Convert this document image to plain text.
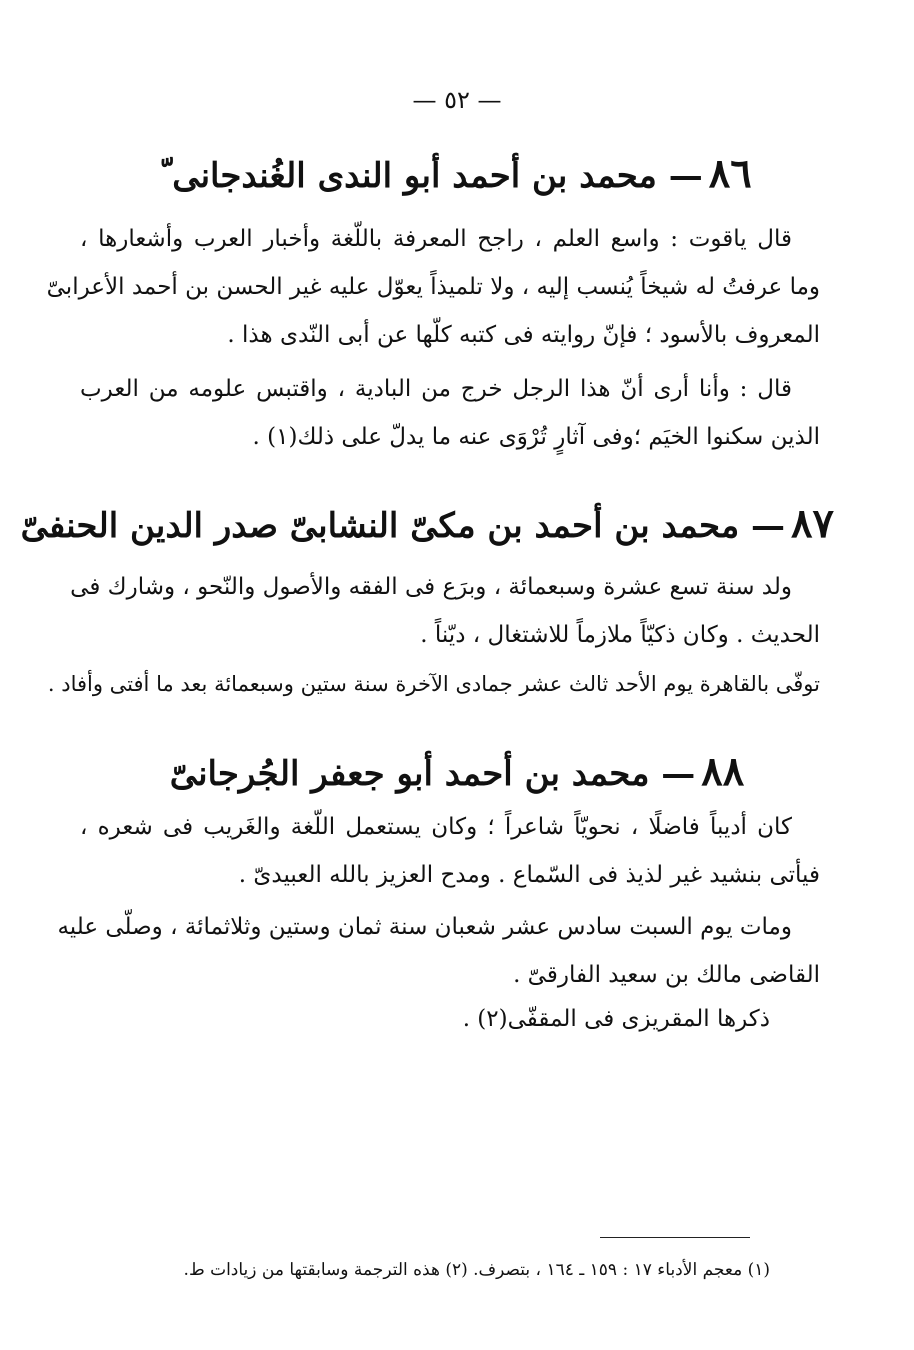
— ٥٢ —
٨٦— محمد بن أحمد أبو الندى الغُندجانى ّ
قال ياقوت : واسع العلم ، راجح المعرفة باللّغة وأخبار العرب وأشعارها ،
وما عرفتُ له شيخاً يُنسب إليه ، ولا تلميذاً يعوّل عليه غير الحسن بن أحمد الأعرابىّ
المعروف بالأسود ؛ فإنّ روايته فى كتبه كلّها عن أبى النّدى هذا .
قال : وأنا أرى أنّ هذا الرجل خرج من البادية ، واقتبس علومه من العرب
الذين سكنوا الخيَم ؛وفى آثارٍ تُرْوَى عنه ما يدلّ على ذلك(١) .
٨٧— محمد بن أحمد بن مكىّ النشابىّ صدر الدين الحنفىّ
ولد سنة تسع عشرة وسبعمائة ، وبرَع فى الفقه والأصول والنّحو ، وشارك فى
الحديث . وكان ذكيّاً ملازماً للاشتغال ، ديّناً .
توفّى بالقاهرة يوم الأحد ثالث عشر جمادى الآخرة سنة ستين وسبعمائة بعد ما أفتى وأفاد .
٨٨— محمد بن أحمد أبو جعفر الجُرجانىّ
كان أديباً فاضلًا ، نحويّاً شاعراً ؛ وكان يستعمل اللّغة والغَريب فى شعره ،
فيأتى بنشيد غير لذيذ فى السّماع . ومدح العزيز بالله العبيدىّ .
ومات يوم السبت سادس عشر شعبان سنة ثمان وستين وثلاثمائة ، وصلّى عليه
القاضى مالك بن سعيد الفارقىّ .
ذكرها المقريزى فى المقفّى(٢) .
(١) معجم الأدباء ١٧ : ١٥٩ ـ ١٦٤ ، بتصرف. (٢) هذه الترجمة وسابقتها من زيادات ط.
